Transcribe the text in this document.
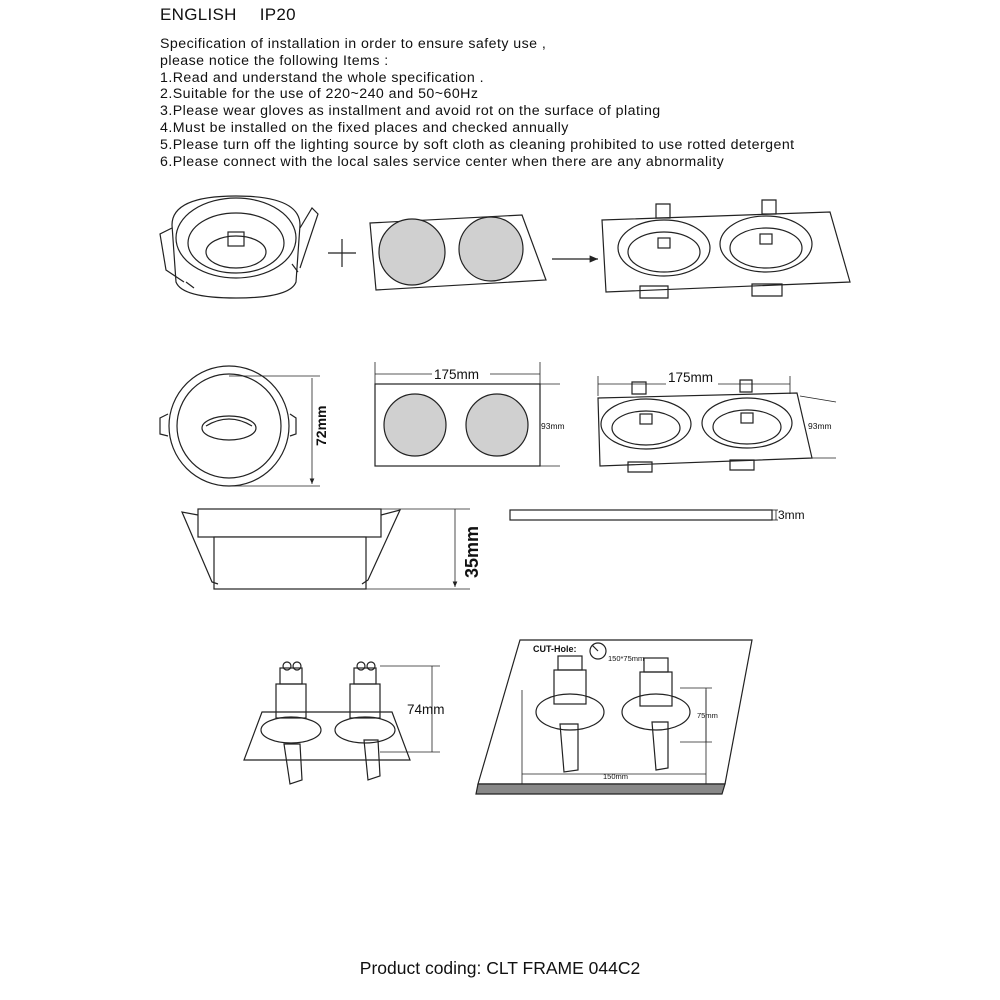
ENGLISH IP20
Specification of installation in order to ensure safety use ,
please notice the following Items :
1.Read and understand the whole specification .
2.Suitable for the use of 220~240 and 50~60Hz
3.Please wear gloves as installment and avoid rot on the surface of plating
4.Must be installed on the fixed places and checked annually
5.Please turn off the lighting source by soft cloth as cleaning prohibited to use rotted detergent
6.Please connect with the local sales service center when there are any abnormality
72mm
175mm
93mm
175mm
93mm
35mm
3mm
74mm
CUT-Hole:
150*75mm
75mm
150mm
Product coding: CLT FRAME 044C2
